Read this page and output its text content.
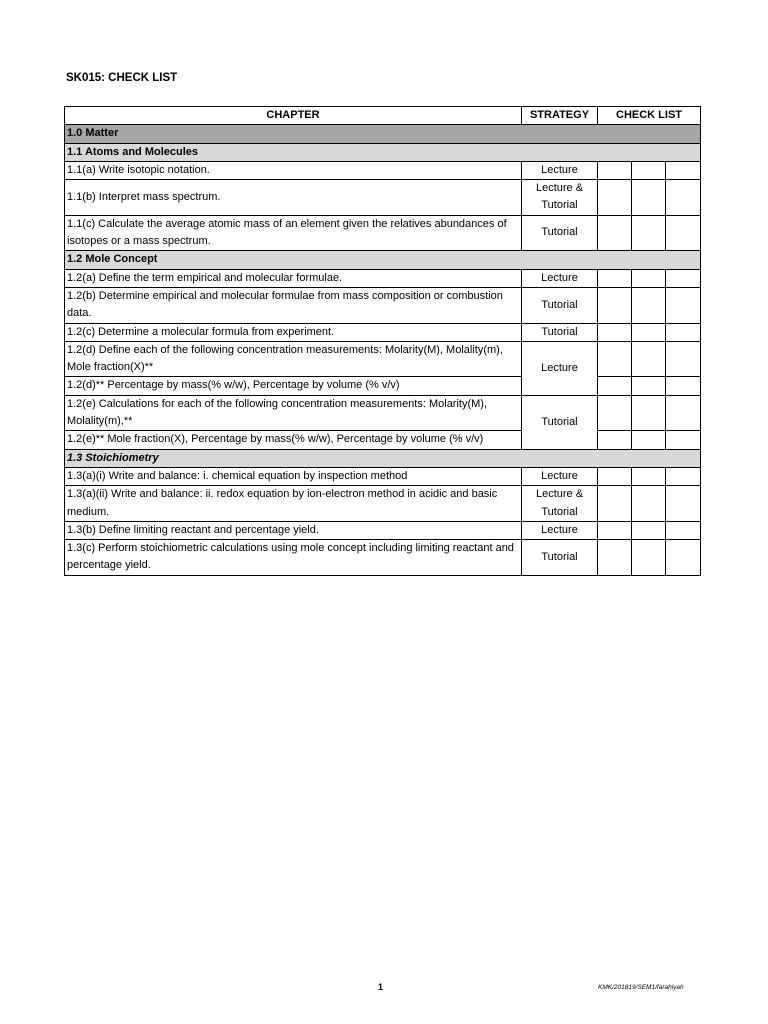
SK015: CHECK LIST
CHAPTER	STRATEGY	CHECK LIST		
1.0 Matter				
1.1 Atoms and Molecules				
1.1(a) Write isotopic notation.	Lecture			
1.1(b) Interpret mass spectrum.	Lecture & Tutorial			
1.1(c) Calculate the average atomic mass of an element given the relatives abundances of isotopes or a mass spectrum.	Tutorial			
1.2 Mole Concept				
1.2(a) Define the term empirical and molecular formulae.	Lecture			
1.2(b) Determine empirical and molecular formulae from mass composition or combustion data.	Tutorial			
1.2(c) Determine a molecular formula from experiment.	Tutorial			
1.2(d) Define each of the following concentration measurements: Molarity(M), Molality(m), Mole fraction(X)**	Lecture			
1.2(d)** Percentage by mass(% w/w), Percentage by volume (% v/v)				
1.2(e) Calculations for each of the following concentration measurements: Molarity(M), Molality(m),**	Tutorial			
1.2(e)** Mole fraction(X), Percentage by mass(% w/w), Percentage by volume (% v/v)				
1.3 Stoichiometry				
1.3(a)(i) Write and balance: i. chemical equation by inspection method	Lecture			
1.3(a)(ii) Write and balance: ii. redox equation by ion-electron method in acidic and basic medium.	Lecture & Tutorial			
1.3(b) Define limiting reactant and percentage yield.	Lecture			
1.3(c) Perform stoichiometric calculations using mole concept including limiting reactant and percentage yield.	Tutorial			
1	KMK/201819/SEM1/farahiyah
